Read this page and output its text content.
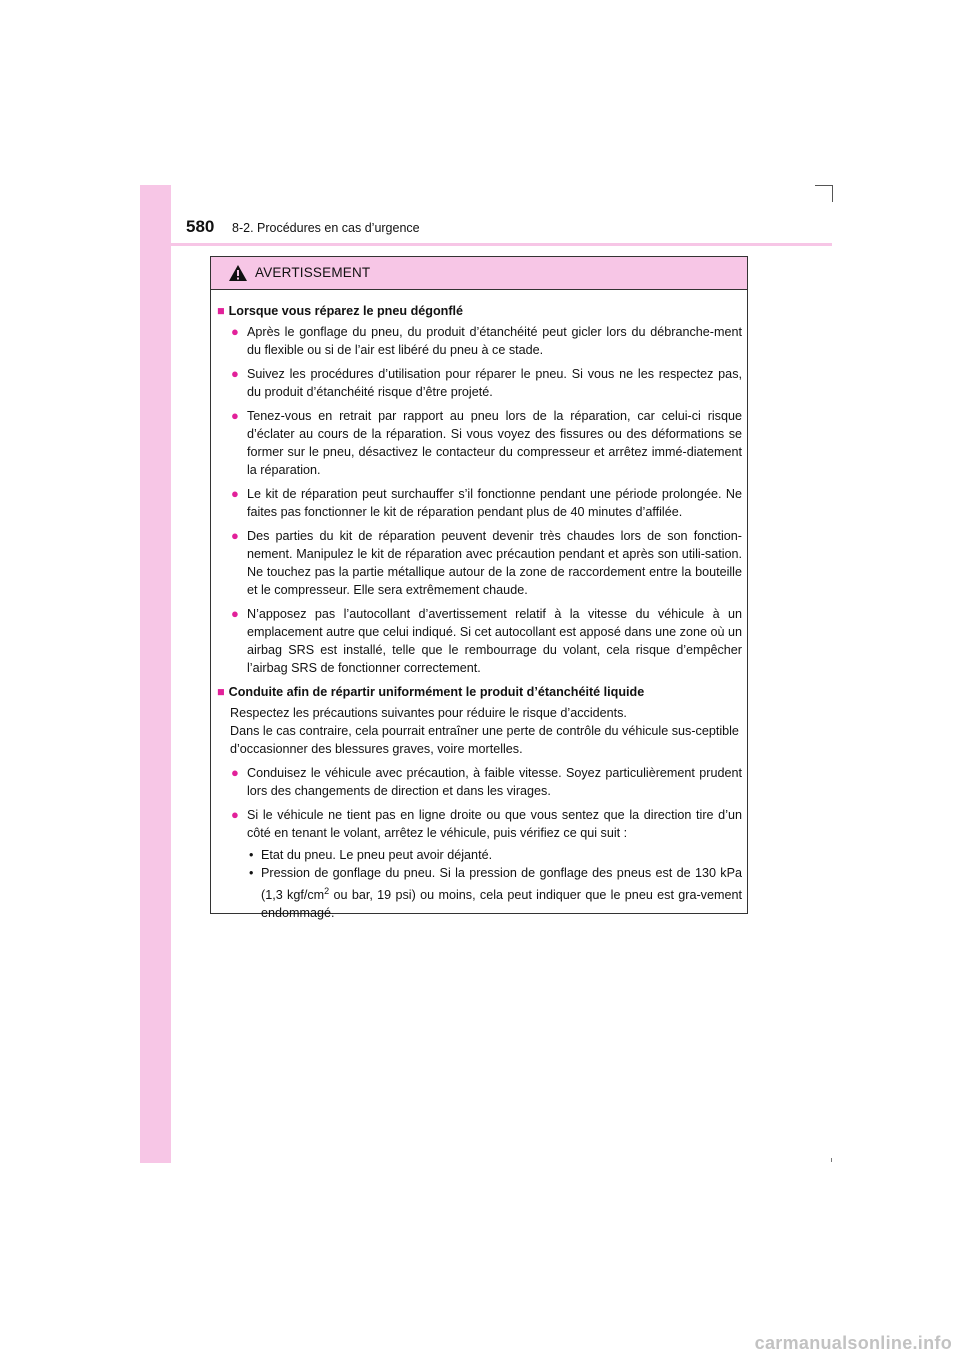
580 8-2. Procédures en cas d’urgence
AVERTISSEMENT
■ Lorsque vous réparez le pneu dégonflé
● Après le gonflage du pneu, du produit d’étanchéité peut gicler lors du débranche-ment du flexible ou si de l’air est libéré du pneu à ce stade.
● Suivez les procédures d’utilisation pour réparer le pneu. Si vous ne les respectez pas, du produit d’étanchéité risque d’être projeté.
● Tenez-vous en retrait par rapport au pneu lors de la réparation, car celui-ci risque d’éclater au cours de la réparation. Si vous voyez des fissures ou des déformations se former sur le pneu, désactivez le contacteur du compresseur et arrêtez immé-diatement la réparation.
● Le kit de réparation peut surchauffer s’il fonctionne pendant une période prolongée. Ne faites pas fonctionner le kit de réparation pendant plus de 40 minutes d’affilée.
● Des parties du kit de réparation peuvent devenir très chaudes lors de son fonction-nement. Manipulez le kit de réparation avec précaution pendant et après son utili-sation. Ne touchez pas la partie métallique autour de la zone de raccordement entre la bouteille et le compresseur. Elle sera extrêmement chaude.
● N’apposez pas l’autocollant d’avertissement relatif à la vitesse du véhicule à un emplacement autre que celui indiqué. Si cet autocollant est apposé dans une zone où un airbag SRS est installé, telle que le rembourrage du volant, cela risque d’empêcher l’airbag SRS de fonctionner correctement.
■ Conduite afin de répartir uniformément le produit d’étanchéité liquide
Respectez les précautions suivantes pour réduire le risque d’accidents.
Dans le cas contraire, cela pourrait entraîner une perte de contrôle du véhicule sus-ceptible d’occasionner des blessures graves, voire mortelles.
● Conduisez le véhicule avec précaution, à faible vitesse. Soyez particulièrement prudent lors des changements de direction et dans les virages.
● Si le véhicule ne tient pas en ligne droite ou que vous sentez que la direction tire d’un côté en tenant le volant, arrêtez le véhicule, puis vérifiez ce qui suit :
• Etat du pneu. Le pneu peut avoir déjanté.
• Pression de gonflage du pneu. Si la pression de gonflage des pneus est de 130 kPa (1,3 kgf/$cm^2$ ou bar, 19 psi) ou moins, cela peut indiquer que le pneu est gra-vement endommagé.
carmanualsonline.info
